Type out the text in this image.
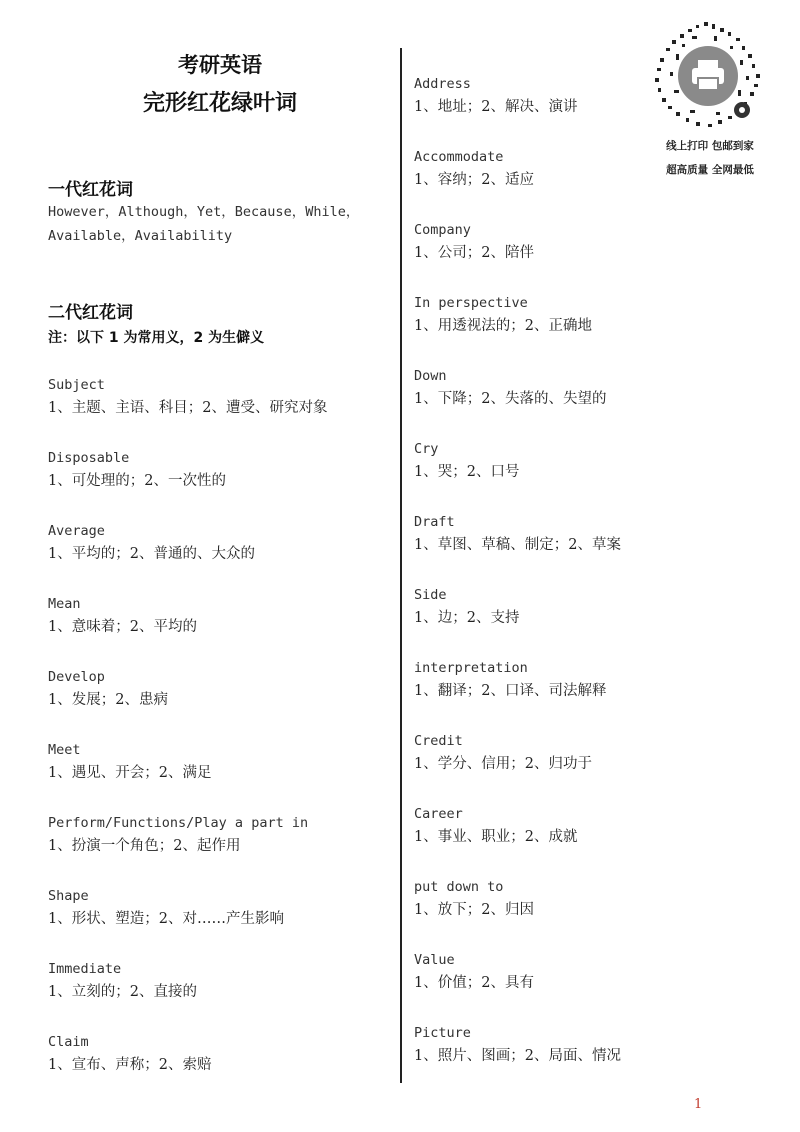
考研英语
完形红花绿叶词
一代红花词
However，Although，Yet，Because，While，
Available，Availability
二代红花词
注：以下 1 为常用义，2 为生僻义
Subject
1、主题、主语、科目；2、遭受、研究对象
Disposable
1、可处理的；2、一次性的
Average
1、平均的；2、普通的、大众的
Mean
1、意味着；2、平均的
Develop
1、发展；2、患病
Meet
1、遇见、开会；2、满足
Perform/Functions/Play a part in
1、扮演一个角色；2、起作用
Shape
1、形状、塑造；2、对……产生影响
Immediate
1、立刻的；2、直接的
Claim
1、宣布、声称；2、索赔
Address
1、地址；2、解决、演讲
Accommodate
1、容纳；2、适应
Company
1、公司；2、陪伴
In perspective
1、用透视法的；2、正确地
Down
1、下降；2、失落的、失望的
Cry
1、哭；2、口号
Draft
1、草图、草稿、制定；2、草案
Side
1、边；2、支持
interpretation
1、翻译；2、口译、司法解释
Credit
1、学分、信用；2、归功于
Career
1、事业、职业；2、成就
put down to
1、放下；2、归因
Value
1、价值；2、具有
Picture
1、照片、图画；2、局面、情况
线上打印 包邮到家
超高质量 全网最低
1
